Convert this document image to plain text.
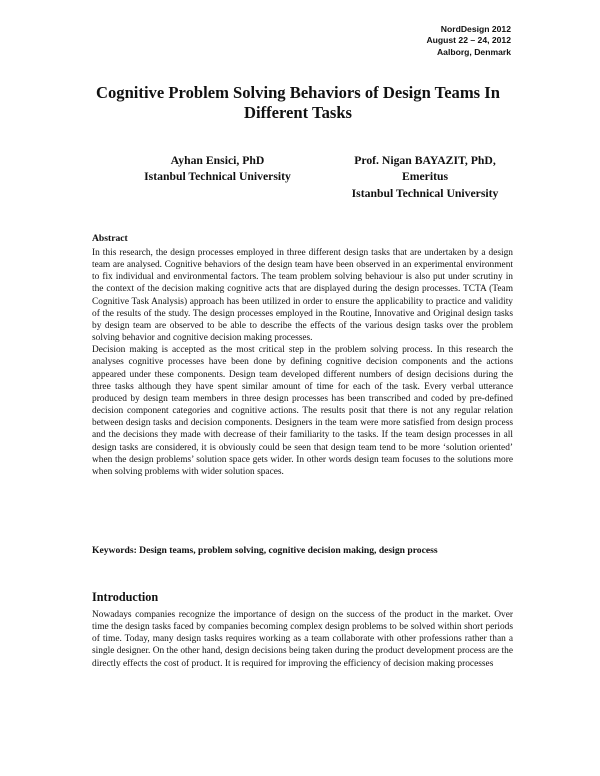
NordDesign 2012
August 22 – 24, 2012
Aalborg, Denmark
Cognitive Problem Solving Behaviors of Design Teams In
Different Tasks
Ayhan Ensici, PhD
Istanbul Technical University
Prof. Nigan BAYAZIT, PhD,
Emeritus
Istanbul Technical University
Abstract

In this research, the design processes employed in three different design tasks that are undertaken by a design team are analysed. Cognitive behaviors of the design team have been observed in an experimental environment to fix individual and environmental factors. The team problem solving behaviour is also put under scrutiny in the context of the decision making cognitive acts that are displayed during the design processes. TCTA (Team Cognitive Task Analysis) approach has been utilized in order to ensure the applicability to practice and validity of the results of the study. The design processes employed in the Routine, Innovative and Original design tasks by design team are observed to be able to describe the effects of the various design tasks over the problem solving behavior and cognitive decision making processes.

Decision making is accepted as the most critical step in the problem solving process. In this research the analyses cognitive processes have been done by defining cognitive decision components and the actions appeared under these components. Design team developed different numbers of design decisions during the three tasks although they have spent similar amount of time for each of the task. Every verbal utterance produced by design team members in three design processes has been transcribed and coded by pre-defined decision component categories and cognitive actions. The results posit that there is not any regular relation between design tasks and decision components. Designers in the team were more satisfied from design process and the decisions they made with decrease of their familiarity to the tasks. If the team design processes in all design tasks are considered, it is obviously could be seen that design team tend to be more ‘solution oriented’ when the design problems’ solution space gets wider. In other words design team focuses to the solutions more when solving problems with wider solution spaces.

Keywords: Design teams, problem solving, cognitive decision making, design process
Introduction

Nowadays companies recognize the importance of design on the success of the product in the market. Over time the design tasks faced by companies becoming complex design problems to be solved within short periods of time. Today, many design tasks requires working as a team collaborate with other professions rather than a single designer. On the other hand, design decisions being taken during the product development process are the directly effects the cost of product. It is required for improving the efficiency of decision making processes
